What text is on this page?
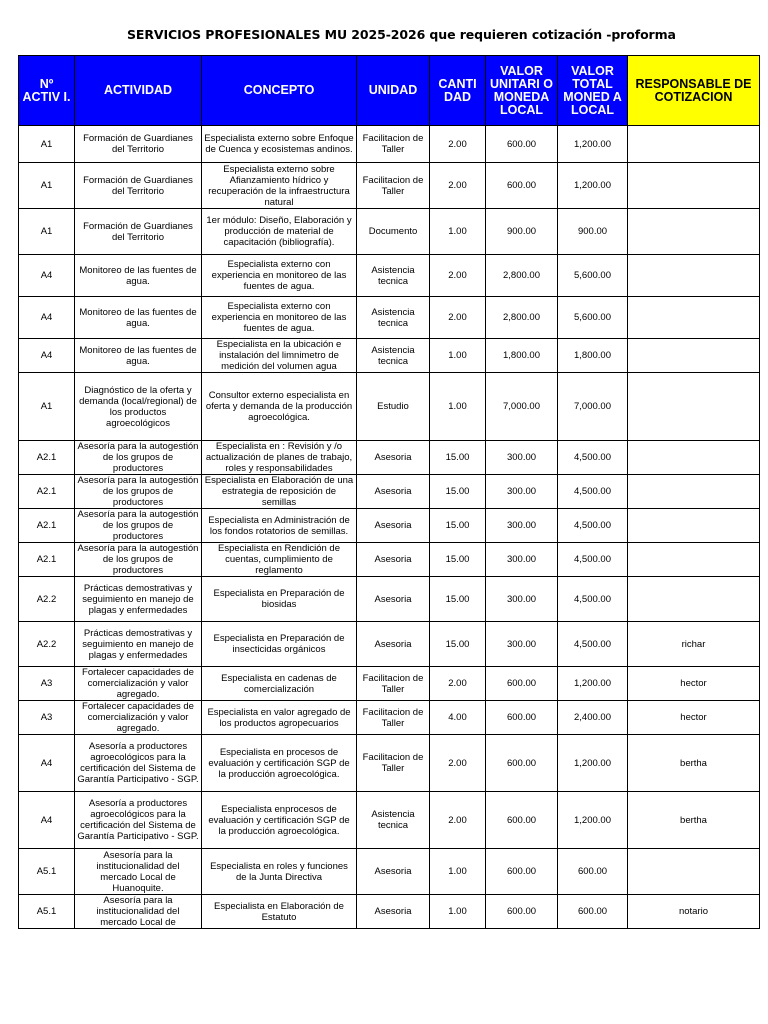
SERVICIOS PROFESIONALES MU 2025-2026 que requieren cotización -proforma
Nº ACTIV I.	ACTIVIDAD	CONCEPTO	UNIDAD	CANTI DAD	VALOR UNITARI O MONEDA LOCAL	VALOR TOTAL MONED A LOCAL	RESPONSABLE DE COTIZACION
A1	Formación de Guardianes del Territorio	Especialista externo sobre Enfoque de Cuenca y ecosistemas andinos.	Facilitacion de Taller	2.00	600.00	1,200.00	
A1	Formación de Guardianes del Territorio	Especialista externo sobre Afianzamiento hídrico y recuperación de la infraestructura natural	Facilitacion de Taller	2.00	600.00	1,200.00	
A1	Formación de Guardianes del Territorio	1er módulo: Diseño, Elaboración y producción de material de capacitación (bibliografía).	Documento	1.00	900.00	900.00	
A4	Monitoreo de las fuentes de agua.	Especialista externo con experiencia en monitoreo de las fuentes de agua.	Asistencia tecnica	2.00	2,800.00	5,600.00	
A4	Monitoreo de las fuentes de agua.	Especialista externo con experiencia en monitoreo de las fuentes de agua.	Asistencia tecnica	2.00	2,800.00	5,600.00	
A4	Monitoreo de las fuentes de agua.	Especialista en la ubicación e instalación del limnimetro de medición del volumen agua	Asistencia tecnica	1.00	1,800.00	1,800.00	
A1	Diagnóstico de la oferta y demanda (local/regional) de los productos agroecológicos	Consultor externo especialista en oferta y demanda de la producción agroecológica.	Estudio	1.00	7,000.00	7,000.00	
A2.1	Asesoría para la autogestión de los grupos de productores	Especialista en : Revisión y /o actualización de planes de trabajo, roles y responsabilidades	Asesoria	15.00	300.00	4,500.00	
A2.1	Asesoría para la autogestión de los grupos de productores	Especialista en Elaboración de una estrategia de reposición de semillas	Asesoria	15.00	300.00	4,500.00	
A2.1	Asesoría para la autogestión de los grupos de productores	Especialista en Administración de los fondos rotatorios de semillas.	Asesoria	15.00	300.00	4,500.00	
A2.1	Asesoría para la autogestión de los grupos de productores	Especialista en Rendición de cuentas, cumplimiento de reglamento	Asesoria	15.00	300.00	4,500.00	
A2.2	Prácticas demostrativas y seguimiento en manejo de plagas y enfermedades	Especialista en Preparación de biosidas	Asesoria	15.00	300.00	4,500.00	
A2.2	Prácticas demostrativas y seguimiento en manejo de plagas y enfermedades	Especialista en Preparación de insecticidas orgánicos	Asesoria	15.00	300.00	4,500.00	richar
A3	Fortalecer capacidades de comercialización y valor agregado.	Especialista en cadenas de comercialización	Facilitacion de Taller	2.00	600.00	1,200.00	hector
A3	Fortalecer capacidades de comercialización y valor agregado.	Especialista en valor agregado de los productos agropecuarios	Facilitacion de Taller	4.00	600.00	2,400.00	hector
A4	Asesoría a productores agroecológicos para la certificación del Sistema de Garantía Participativo - SGP.	Especialista en procesos de evaluación y certificación SGP de la producción agroecológica.	Facilitacion de Taller	2.00	600.00	1,200.00	bertha
A4	Asesoría a productores agroecológicos para la certificación del Sistema de Garantía Participativo - SGP.	Especialista enprocesos de evaluación y certificación SGP de la producción agroecológica.	Asistencia tecnica	2.00	600.00	1,200.00	bertha
A5.1	Asesoría para la institucionalidad del mercado Local de Huanoquite.	Especialista en roles y funciones de la Junta Directiva	Asesoria	1.00	600.00	600.00	
A5.1	Asesoría para la institucionalidad del mercado Local de	Especialista en Elaboración de Estatuto	Asesoria	1.00	600.00	600.00	notario
